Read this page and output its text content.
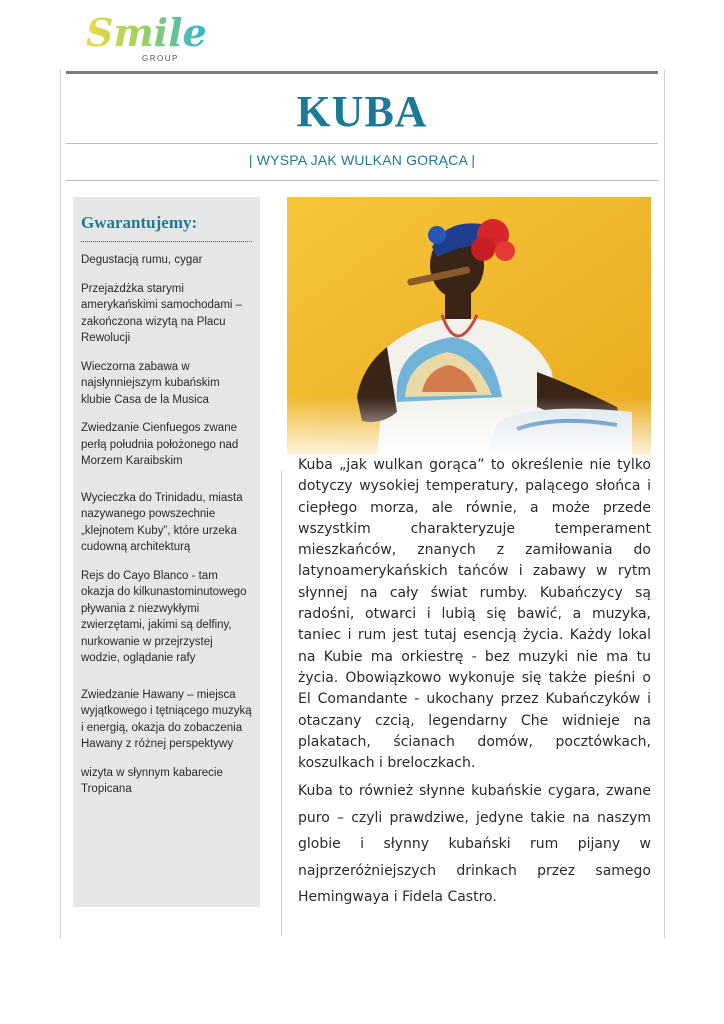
Smile
GROUP
KUBA
| WYSPA JAK WULKAN GORĄCA |
Gwarantujemy:
Degustacją rumu, cygar
Przejażdżka starymi amerykańskimi samochodami – zakończona wizytą na Placu Rewolucji
Wieczorna zabawa w najsłynniejszym kubańskim klubie Casa de la Musica
Zwiedzanie Cienfuegos zwane perłą południa położonego nad Morzem Karaibskim
Wycieczka do Trinidadu, miasta nazywanego powszechnie „klejnotem Kuby”, które urzeka cudowną architekturą
Rejs do Cayo Blanco - tam okazja do kilkunastominutowego pływania z niezwykłymi zwierzętami, jakimi są delfiny, nurkowanie w przejrzystej wodzie, oglądanie rafy
Zwiedzanie Hawany – miejsca wyjątkowego i tętniącego muzyką i energią, okazja do zobaczenia Hawany z różnej perspektywy
wizyta w słynnym kabarecie Tropicana

Kuba „jak wulkan gorąca” to określenie nie tylko dotyczy wysokiej temperatury, palącego słońca i ciepłego morza, ale równie, a może przede wszystkim charakteryzuje temperament mieszkańców, znanych z zamiłowania do latynoamerykańskich tańców i zabawy w rytm słynnej na cały świat rumby. Kubańczycy są radośni, otwarci i lubią się bawić, a muzyka, taniec i rum jest tutaj esencją życia. Każdy lokal na Kubie ma orkiestrę - bez muzyki nie ma tu życia. Obowiązkowo wykonuje się także pieśni o El Comandante - ukochany przez Kubańczyków i otaczany czcią, legendarny Che widnieje na plakatach, ścianach domów, pocztówkach, koszulkach i breloczkach.

Kuba to również słynne kubańskie cygara, zwane puro – czyli prawdziwe, jedyne takie na naszym globie i słynny kubański rum pijany w najprzeróżniejszych drinkach przez samego Hemingwaya i Fidela Castro.
